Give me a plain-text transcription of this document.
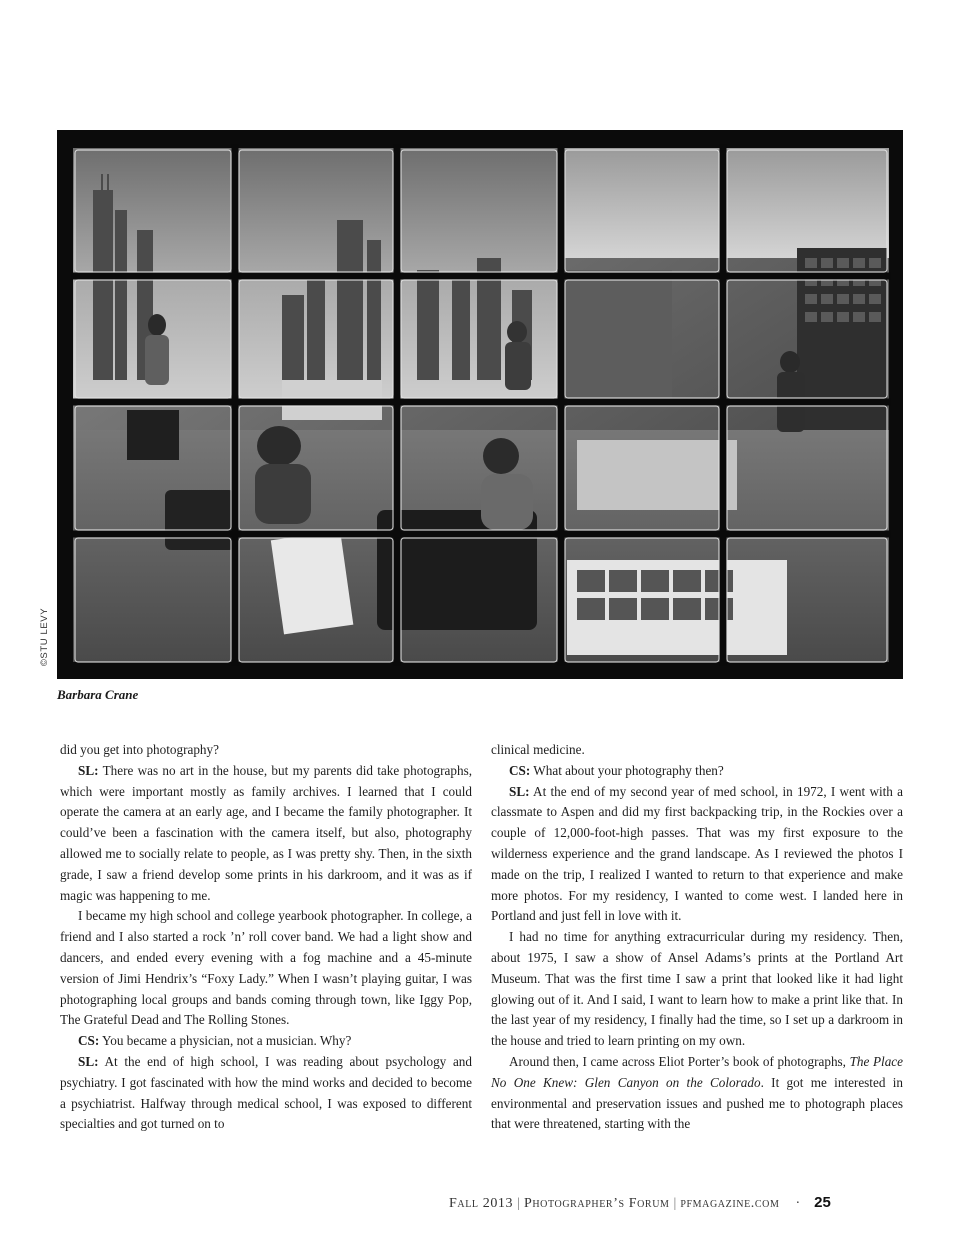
©STU LEVY
Barbara Crane

did you get into photography?

SL: There was no art in the house, but my parents did take photographs, which were important mostly as family archives. I learned that I could operate the camera at an early age, and I became the family photographer. It could’ve been a fascination with the camera itself, but also, photography allowed me to socially relate to people, as I was pretty shy. Then, in the sixth grade, I saw a friend develop some prints in his darkroom, and it was as if magic was happening to me.

I became my high school and college yearbook photographer. In college, a friend and I also started a rock ’n’ roll cover band. We had a light show and dancers, and ended every evening with a fog machine and a 45-minute version of Jimi Hendrix’s “Foxy Lady.” When I wasn’t playing guitar, I was photographing local groups and bands coming through town, like Iggy Pop, The Grateful Dead and The Rolling Stones.

CS: You became a physician, not a musician. Why?

SL: At the end of high school, I was reading about psychology and psychiatry. I got fascinated with how the mind works and decided to become a psychiatrist. Halfway through medical school, I was exposed to different specialties and got turned on to

clinical medicine.

CS: What about your photography then?

SL: At the end of my second year of med school, in 1972, I went with a classmate to Aspen and did my first backpacking trip, in the Rockies over a couple of 12,000-foot-high passes. That was my first exposure to the wilderness experience and the grand landscape. As I reviewed the photos I made on the trip, I realized I wanted to return to that experience and make more photos. For my residency, I wanted to come west. I landed here in Portland and just fell in love with it.

I had no time for anything extracurricular during my residency. Then, about 1975, I saw a show of Ansel Adams’s prints at the Portland Art Museum. That was the first time I saw a print that looked like it had light glowing out of it. And I said, I want to learn how to make a print like that. In the last year of my residency, I finally had the time, so I set up a darkroom in the house and tried to learn printing on my own.

Around then, I came across Eliot Porter’s book of photographs, The Place No One Knew: Glen Canyon on the Colorado. It got me interested in environmental and preservation issues and pushed me to photograph places that were threatened, starting with the

Fall 2013 | Photographer’s Forum | pfmagazine.com · 25
